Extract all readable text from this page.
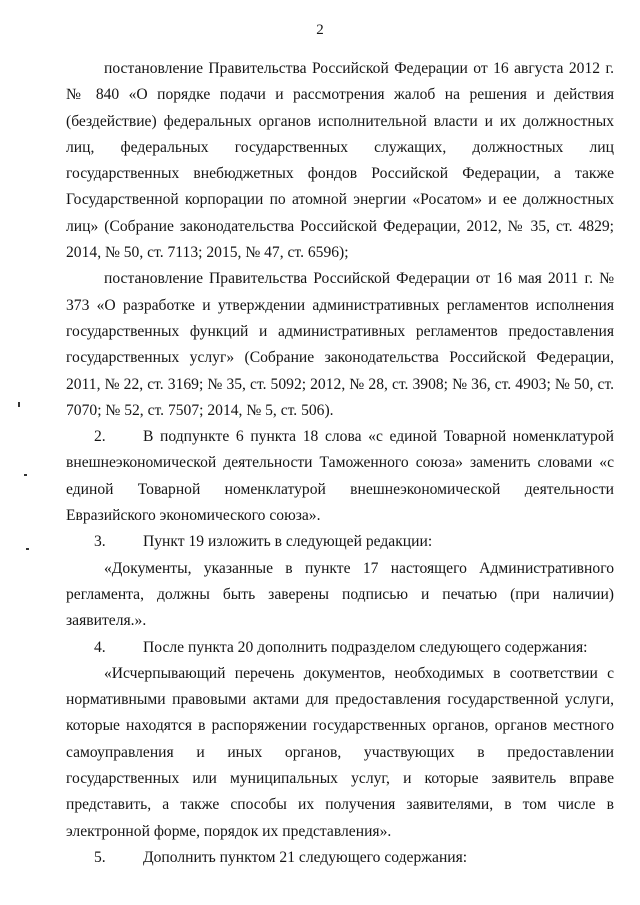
2

постановление Правительства Российской Федерации от 16 августа 2012 г. № 840 «О порядке подачи и рассмотрения жалоб на решения и действия (бездействие) федеральных органов исполнительной власти и их должностных лиц, федеральных государственных служащих, должностных лиц государственных внебюджетных фондов Российской Федерации, а также Государственной корпорации по атомной энергии «Росатом» и ее должностных лиц» (Собрание законодательства Российской Федерации, 2012, № 35, ст. 4829; 2014, № 50, ст. 7113; 2015, № 47, ст. 6596);

постановление Правительства Российской Федерации от 16 мая 2011 г. № 373 «О разработке и утверждении административных регламентов исполнения государственных функций и административных регламентов предоставления государственных услуг» (Собрание законодательства Российской Федерации, 2011, № 22, ст. 3169; № 35, ст. 5092; 2012, № 28, ст. 3908; № 36, ст. 4903; № 50, ст. 7070; № 52, ст. 7507; 2014, № 5, ст. 506).

2. В подпункте 6 пункта 18 слова «с единой Товарной номенклатурой внешнеэкономической деятельности Таможенного союза» заменить словами «с единой Товарной номенклатурой внешнеэкономической деятельности Евразийского экономического союза».

3. Пункт 19 изложить в следующей редакции:

«Документы, указанные в пункте 17 настоящего Административного регламента, должны быть заверены подписью и печатью (при наличии) заявителя.».

4. После пункта 20 дополнить подразделом следующего содержания:

«Исчерпывающий перечень документов, необходимых в соответствии с нормативными правовыми актами для предоставления государственной услуги, которые находятся в распоряжении государственных органов, органов местного самоуправления и иных органов, участвующих в предоставлении государственных или муниципальных услуг, и которые заявитель вправе представить, а также способы их получения заявителями, в том числе в электронной форме, порядок их представления».

5. Дополнить пунктом 21 следующего содержания:
